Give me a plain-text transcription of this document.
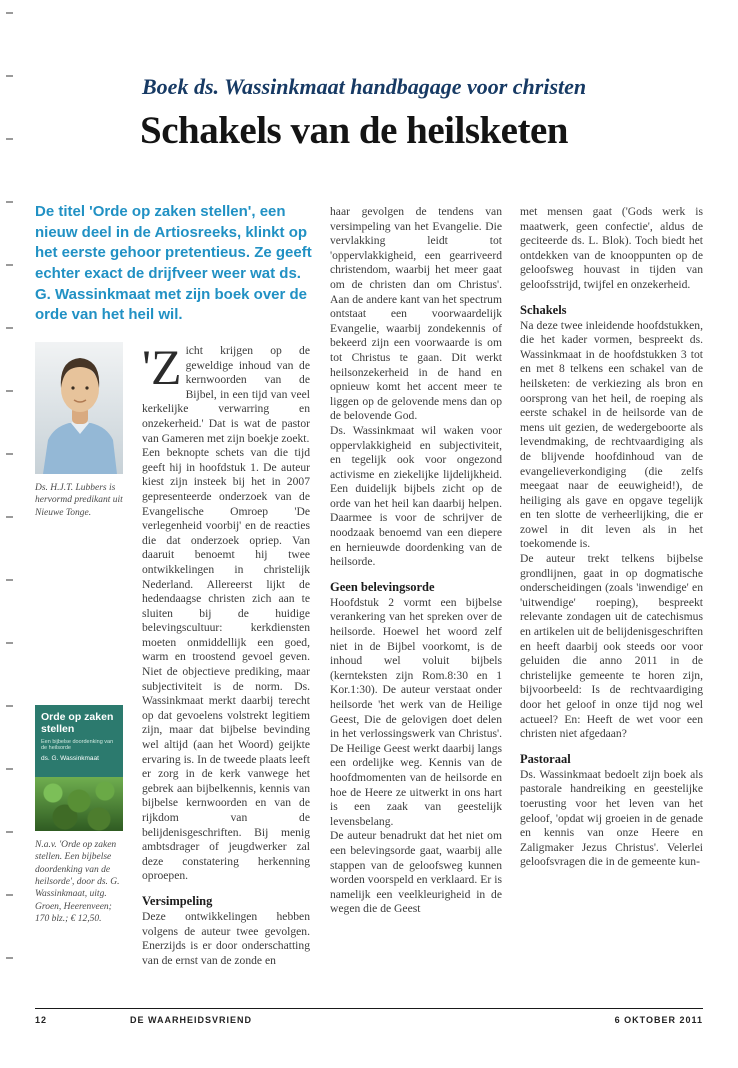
Boek ds. Wassinkmaat handbagage voor christen
Schakels van de heilsketen

De titel 'Orde op zaken stellen', een nieuw deel in de Artiosreeks, klinkt op het eerste gehoor pretentieus. Ze geeft echter exact de drijfveer weer wat ds. G. Wassinkmaat met zijn boek over de orde van het heil wil.

Ds. H.J.T. Lubbers is hervormd predikant uit Nieuwe Tonge.

Orde op zaken stellen
Een bijbelse doordenking van de heilsorde
ds. G. Wassinkmaat

N.a.v. 'Orde op zaken stellen. Een bijbelse doordenking van de heilsorde', door ds. G. Wassinkmaat, uitg. Groen, Heerenveen; 170 blz.; € 12,50.

'Zicht krijgen op de geweldige inhoud van de kernwoorden van de Bijbel, in een tijd van veel kerkelijke verwarring en onzekerheid.' Dat is wat de pastor van Gameren met zijn boekje zoekt.

Een beknopte schets van die tijd geeft hij in hoofdstuk 1. De auteur kiest zijn insteek bij het in 2007 gepresenteerde onderzoek van de Evangelische Omroep 'De verlegenheid voorbij' en de reacties die dat onderzoek opriep. Van daaruit benoemt hij twee ontwikkelingen in christelijk Nederland. Allereerst lijkt de hedendaagse christen zich aan te sluiten bij de huidige belevingscultuur: kerkdiensten moeten onmiddellijk een goed, warm en troostend gevoel geven. Niet de objectieve prediking, maar subjectiviteit is de norm. Ds. Wassinkmaat merkt daarbij terecht op dat gevoelens volstrekt legitiem zijn, maar dat bijbelse bevinding wel altijd (aan het Woord) geijkte ervaring is. In de tweede plaats leeft er zorg in de kerk vanwege het gebrek aan bijbelkennis, kennis van bijbelse kernwoorden en van de rijkdom van de belijdenisgeschriften. Bij menig ambtsdrager of jeugdwerker zal deze constatering herkenning oproepen.

Versimpeling

Deze ontwikkelingen hebben volgens de auteur twee gevolgen. Enerzijds is er door onderschatting van de ernst van de zonde en

haar gevolgen de tendens van versimpeling van het Evangelie. Die vervlakking leidt tot 'oppervlakkigheid, een gearriveerd christendom, waarbij het meer gaat om de christen dan om Christus'. Aan de andere kant van het spectrum ontstaat een voorwaardelijk Evangelie, waarbij zondekennis of bekeerd zijn een voorwaarde is om tot Christus te gaan. Dit werkt heilsonzekerheid in de hand en opnieuw komt het accent meer te liggen op de gelovende mens dan op de belovende God.

Ds. Wassinkmaat wil waken voor oppervlakkigheid en subjectiviteit, en tegelijk ook voor ongezond activisme en ziekelijke lijdelijkheid. Een duidelijk bijbels zicht op de orde van het heil kan daarbij helpen. Daarmee is voor de schrijver de noodzaak benoemd van een diepere en hernieuwde doordenking van de heilsorde.

Geen belevingsorde

Hoofdstuk 2 vormt een bijbelse verankering van het spreken over de heilsorde. Hoewel het woord zelf niet in de Bijbel voorkomt, is de inhoud wel voluit bijbels (kernteksten zijn Rom.8:30 en 1 Kor.1:30). De auteur verstaat onder heilsorde 'het werk van de Heilige Geest, Die de gelovigen doet delen in het verlossingswerk van Christus'. De Heilige Geest werkt daarbij langs een ordelijke weg. Kennis van de hoofdmomenten van de heilsorde en hoe de Heere ze uitwerkt in ons hart is een zaak van geestelijk levensbelang.

De auteur benadrukt dat het niet om een belevingsorde gaat, waarbij alle stappen van de geloofsweg kunnen worden voorspeld en verklaard. Er is namelijk een veelkleurigheid in de wegen die de Geest

met mensen gaat ('Gods werk is maatwerk, geen confectie', aldus de geciteerde ds. L. Blok). Toch biedt het ontdekken van de knooppunten op de geloofsweg houvast in tijden van geloofsstrijd, twijfel en onzekerheid.

Schakels

Na deze twee inleidende hoofdstukken, die het kader vormen, bespreekt ds. Wassinkmaat in de hoofdstukken 3 tot en met 8 telkens een schakel van de heilsketen: de verkiezing als bron en oorsprong van het heil, de roeping als eerste schakel in de heilsorde van de mens uit gezien, de wedergeboorte als levendmaking, de rechtvaardiging als de blijvende hoofdinhoud van de evangelieverkondiging (die zelfs meegaat naar de eeuwigheid!), de heiliging als gave en opgave tegelijk en ten slotte de verheerlijking, die er zowel in dit leven als in het toekomende is.

De auteur trekt telkens bijbelse grondlijnen, gaat in op dogmatische onderscheidingen (zoals 'inwendige' en 'uitwendige' roeping), bespreekt relevante zondagen uit de catechismus en artikelen uit de belijdenisgeschriften en heeft daarbij ook steeds oor voor geluiden die anno 2011 in de christelijke gemeente te horen zijn, bijvoorbeeld: Is de rechtvaardiging door het geloof in onze tijd nog wel actueel? En: Heeft de wet voor een christen niet afgedaan?

Pastoraal

Ds. Wassinkmaat bedoelt zijn boek als pastorale handreiking en geestelijke toerusting voor het leven van het geloof, 'opdat wij groeien in de genade en kennis van onze Heere en Zaligmaker Jezus Christus'. Velerlei geloofsvragen die in de gemeente kun-

12	DE WAARHEIDSVRIEND	6 OKTOBER 2011
